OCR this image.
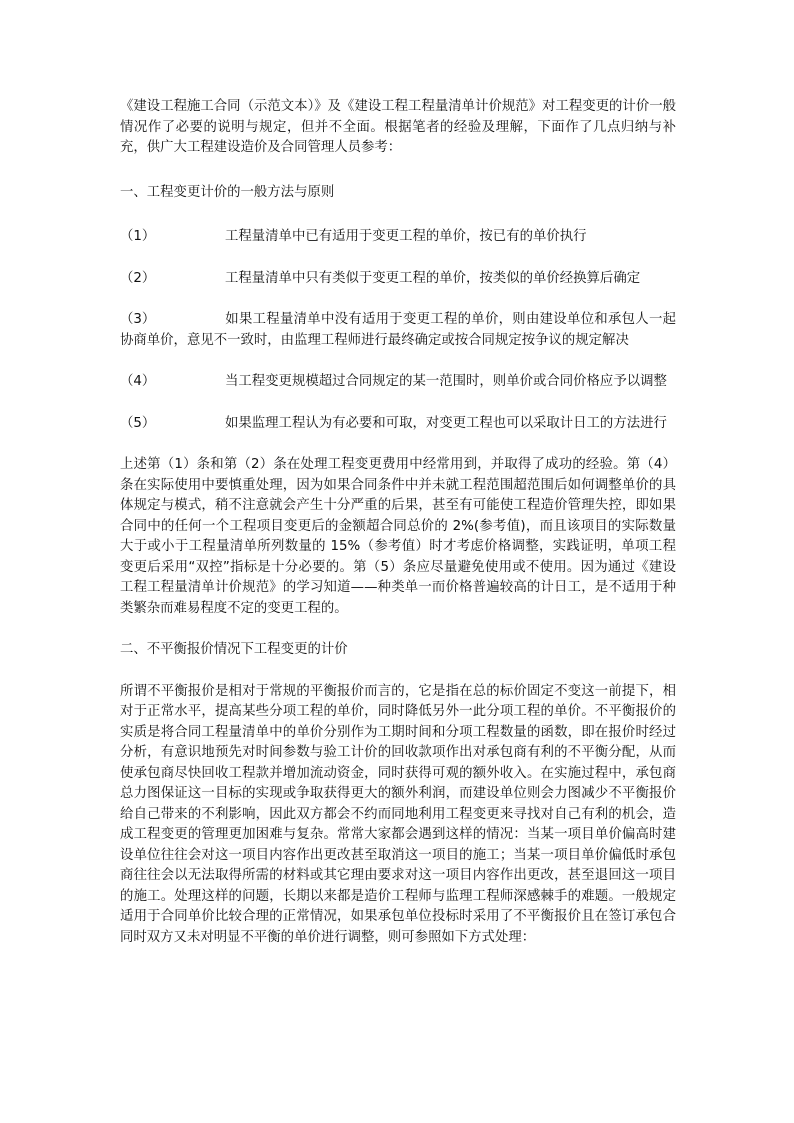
《建设工程施工合同（示范文本）》及《建设工程工程量清单计价规范》对工程变更的计价一般情况作了必要的说明与规定，但并不全面。根据笔者的经验及理解，下面作了几点归纳与补充，供广大工程建设造价及合同管理人员参考：

一、工程变更计价的一般方法与原则

（1）	工程量清单中已有适用于变更工程的单价，按已有的单价执行
（2）	工程量清单中只有类似于变更工程的单价，按类似的单价经换算后确定
（3）	如果工程量清单中没有适用于变更工程的单价，则由建设单位和承包人一起协商单价，意见不一致时，由监理工程师进行最终确定或按合同规定按争议的规定解决
（4）	当工程变更规模超过合同规定的某一范围时，则单价或合同价格应予以调整
（5）	如果监理工程认为有必要和可取，对变更工程也可以采取计日工的方法进行

上述第（1）条和第（2）条在处理工程变更费用中经常用到，并取得了成功的经验。第（4）条在实际使用中要慎重处理，因为如果合同条件中并未就工程范围超范围后如何调整单价的具体规定与模式，稍不注意就会产生十分严重的后果，甚至有可能使工程造价管理失控，即如果合同中的任何一个工程项目变更后的金额超合同总价的 2%(参考值)，而且该项目的实际数量大于或小于工程量清单所列数量的 15%（参考值）时才考虑价格调整，实践证明，单项工程变更后采用“双控”指标是十分必要的。第（5）条应尽量避免使用或不使用。因为通过《建设工程工程量清单计价规范》的学习知道——种类单一而价格普遍较高的计日工，是不适用于种类繁杂而难易程度不定的变更工程的。

二、不平衡报价情况下工程变更的计价

所谓不平衡报价是相对于常规的平衡报价而言的，它是指在总的标价固定不变这一前提下，相对于正常水平，提高某些分项工程的单价，同时降低另外一此分项工程的单价。不平衡报价的实质是将合同工程量清单中的单价分别作为工期时间和分项工程数量的函数，即在报价时经过分析，有意识地预先对时间参数与验工计价的回收款项作出对承包商有利的不平衡分配，从而使承包商尽快回收工程款并增加流动资金，同时获得可观的额外收入。在实施过程中，承包商总力图保证这一目标的实现或争取获得更大的额外利润，而建设单位则会力图减少不平衡报价给自己带来的不利影响，因此双方都会不约而同地利用工程变更来寻找对自己有利的机会，造成工程变更的管理更加困难与复杂。常常大家都会遇到这样的情况：当某一项目单价偏高时建设单位往往会对这一项目内容作出更改甚至取消这一项目的施工；当某一项目单价偏低时承包商往往会以无法取得所需的材料或其它理由要求对这一项目内容作出更改，甚至退回这一项目的施工。处理这样的问题，长期以来都是造价工程师与监理工程师深感棘手的难题。一般规定适用于合同单价比较合理的正常情况，如果承包单位投标时采用了不平衡报价且在签订承包合同时双方又未对明显不平衡的单价进行调整，则可参照如下方式处理：
